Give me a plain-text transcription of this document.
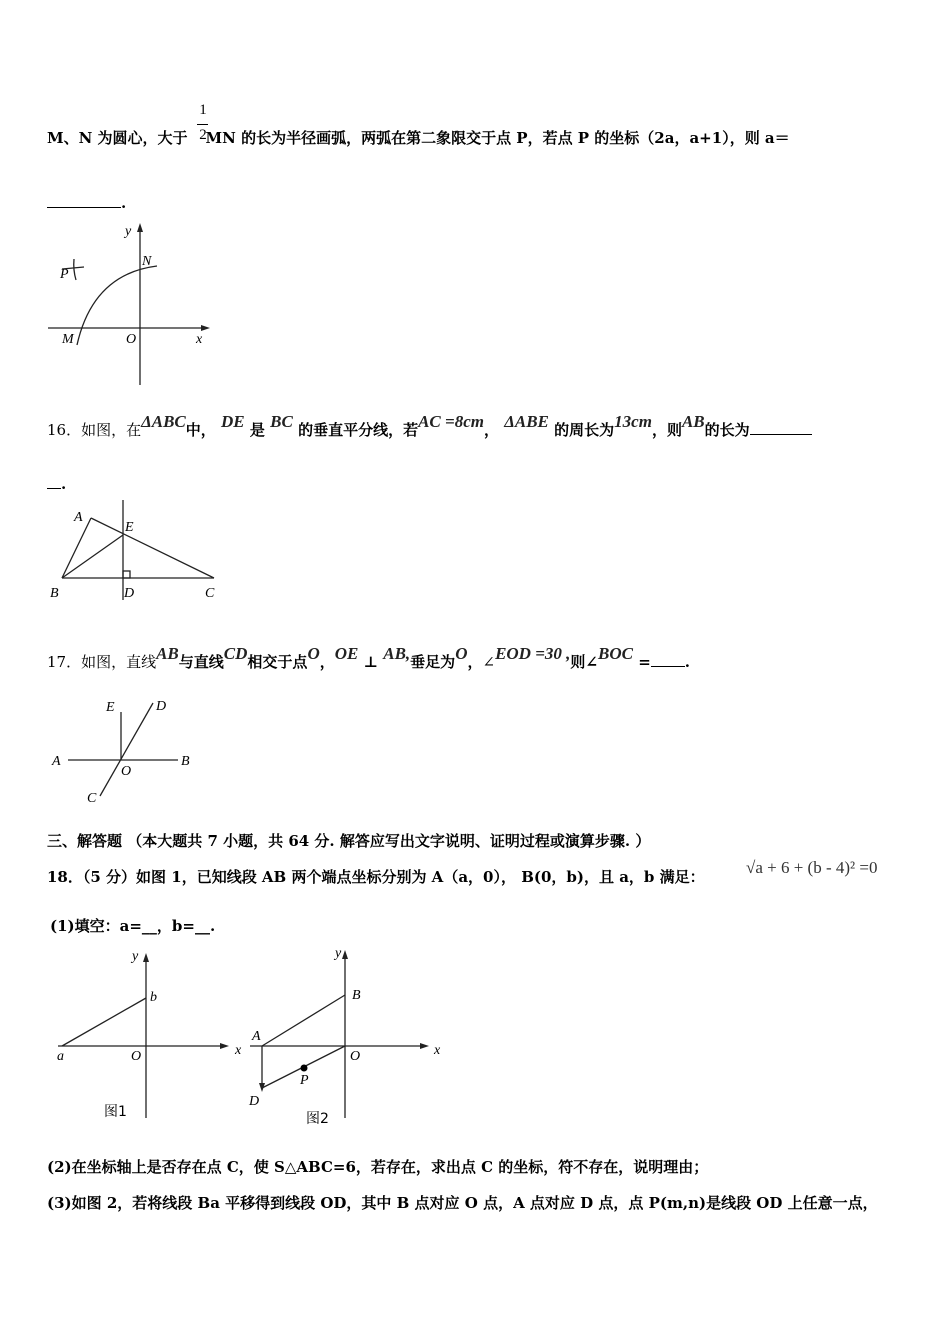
1
2
M、N 为圆心，大于 MN 的长为半径画弧，两弧在第二象限交于点 P，若点 P 的坐标（2a，a+1），则 a＝
.
y
P
N
M	O	x
A
E
B	D	C
E	D
A
O
B
C
y
b
a	O	x
图1
y
B
A
O	x
P
D
图2
16．如图，在ΔABC中， DE 是 BC 的垂直平分线，若AC =8cm， ΔABE 的周长为13cm，则AB的长为
.
17．如图，直线AB与直线CD相交于点O，OE ⊥ AB,垂足为O，∠EOD =30 ,则∠BOC = .
三、解答题 （本大题共 7 小题，共 64 分. 解答应写出文字说明、证明过程或演算步骤. ）
18．（5 分）如图 1，已知线段 AB 两个端点坐标分别为 A（a，0）， B(0，b)，且 a，b 满足： √a + 6 + (b - 4)² =0
(1)填空：a=__，b=__.
(2)在坐标轴上是否存在点 C，使 S△ABC=6，若存在，求出点 C 的坐标，符不存在，说明理由；
(3)如图 2，若将线段 Ba 平移得到线段 OD，其中 B 点对应 O 点，A 点对应 D 点，点 P(m,n)是线段 OD 上任意一点，
